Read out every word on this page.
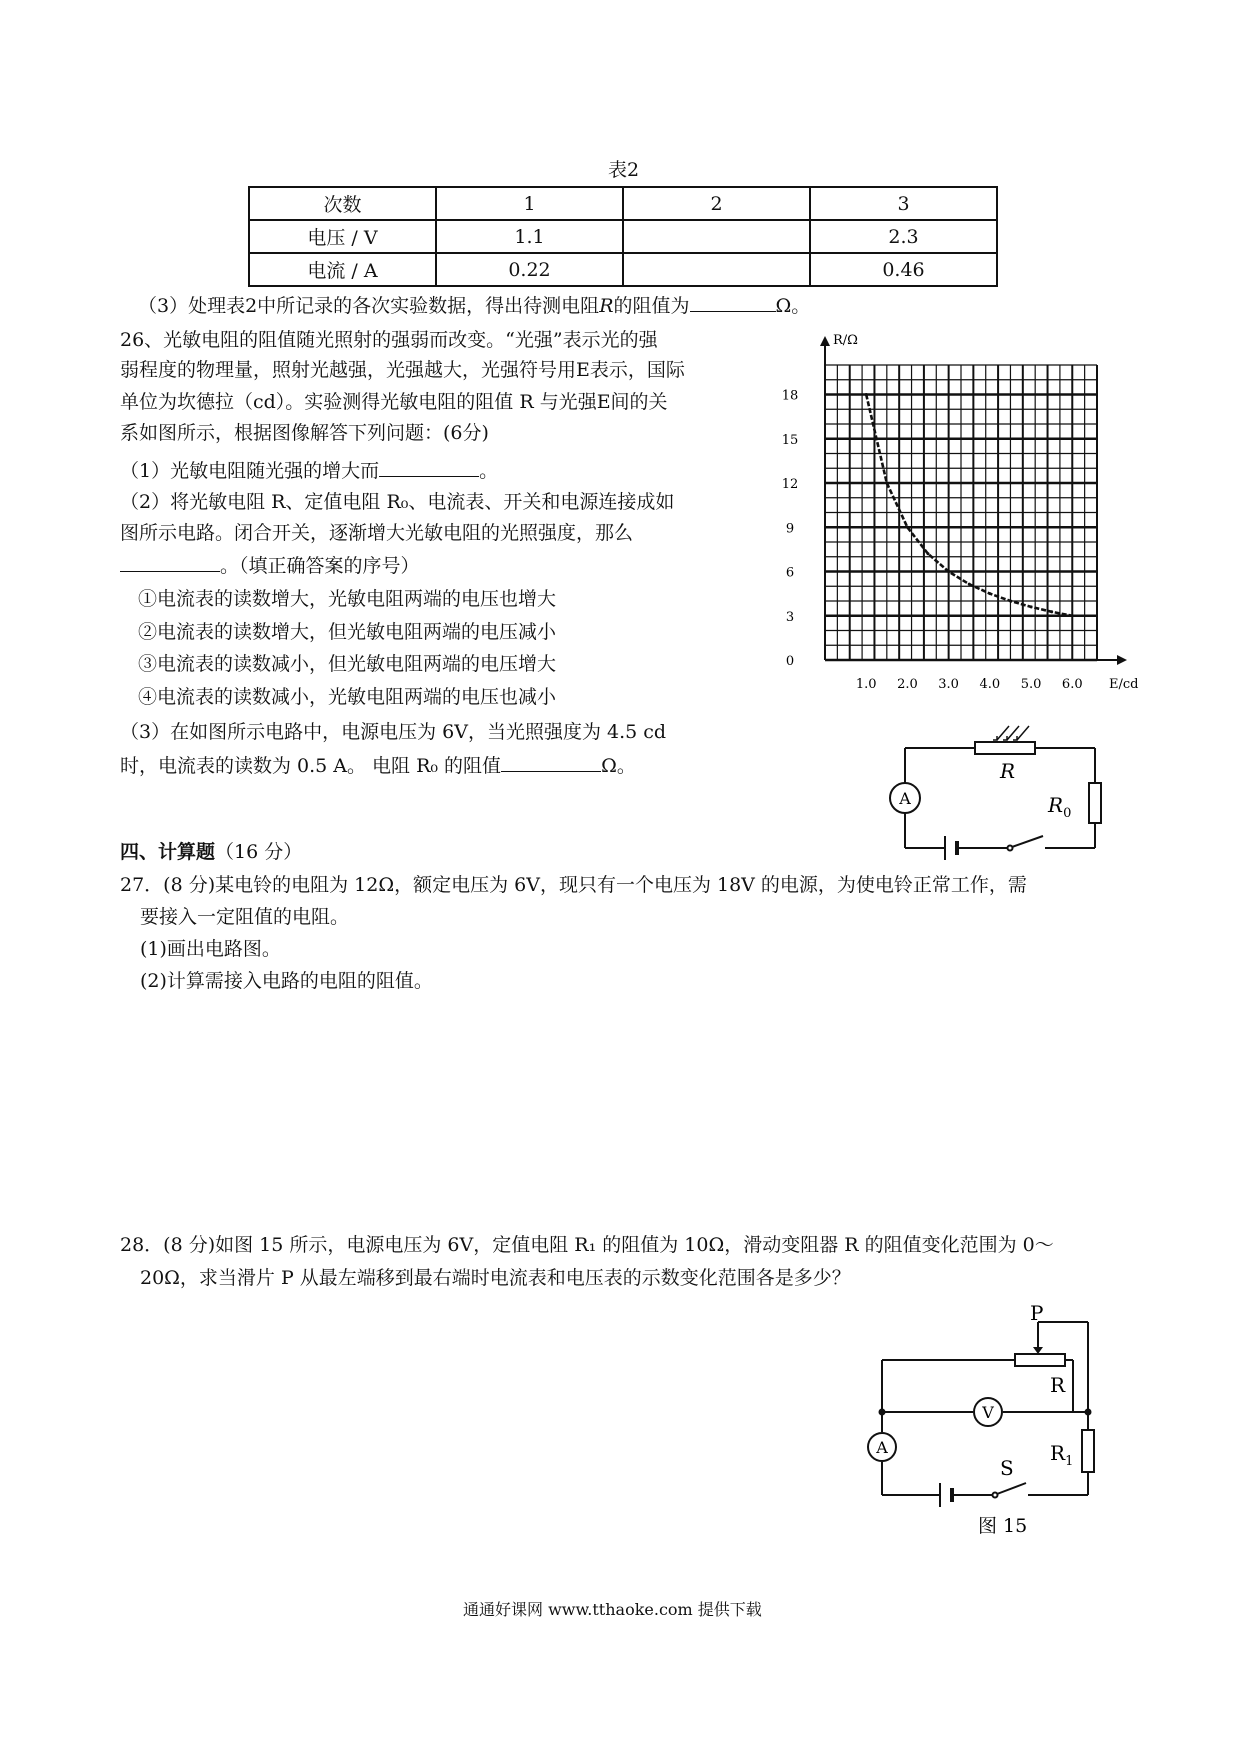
表2
次数	1	2	3
电压 / V	1.1		2.3
电流 / A	0.22		0.46
（3）处理表2中所记录的各次实验数据，得出待测电阻R的阻值为	Ω。
26、光敏电阻的阻值随光照射的强弱而改变。“光强”表示光的强
弱程度的物理量，照射光越强，光强越大，光强符号用E表示，国际
单位为坎德拉（cd）。实验测得光敏电阻的阻值 R 与光强E间的关
系如图所示，根据图像解答下列问题：(6分)
（1）光敏电阻随光强的增大而	。
（2）将光敏电阻 R、定值电阻 R₀、电流表、开关和电源连接成如
图所示电路。闭合开关，逐渐增大光敏电阻的光照强度，那么
。（填正确答案的序号）
①电流表的读数增大，光敏电阻两端的电压也增大
②电流表的读数增大，但光敏电阻两端的电压减小
③电流表的读数减小，但光敏电阻两端的电压增大
④电流表的读数减小，光敏电阻两端的电压也减小
（3）在如图所示电路中，电源电压为 6V，当光照强度为 4.5 cd
时，电流表的读数为 0.5 A。 电阻 R₀ 的阻值	Ω。
R/Ω
E/cd
0
3
6
9
12
15
18
1.0 2.0 3.0 4.0 5.0 6.0
R
$R_0$
A
四、计算题（16 分）
27．(8 分)某电铃的电阻为 12Ω，额定电压为 6V，现只有一个电压为 18V 的电源，为使电铃正常工作，需
要接入一定阻值的电阻。
(1)画出电路图。
(2)计算需接入电路的电阻的阻值。
28．(8 分)如图 15 所示，电源电压为 6V，定值电阻 R₁ 的阻值为 10Ω，滑动变阻器 R 的阻值变化范围为 0～
20Ω，求当滑片 P 从最左端移到最右端时电流表和电压表的示数变化范围各是多少？
P
R
V
A	$R_1$
S
图 15
通通好课网 www.tthaoke.com 提供下载
